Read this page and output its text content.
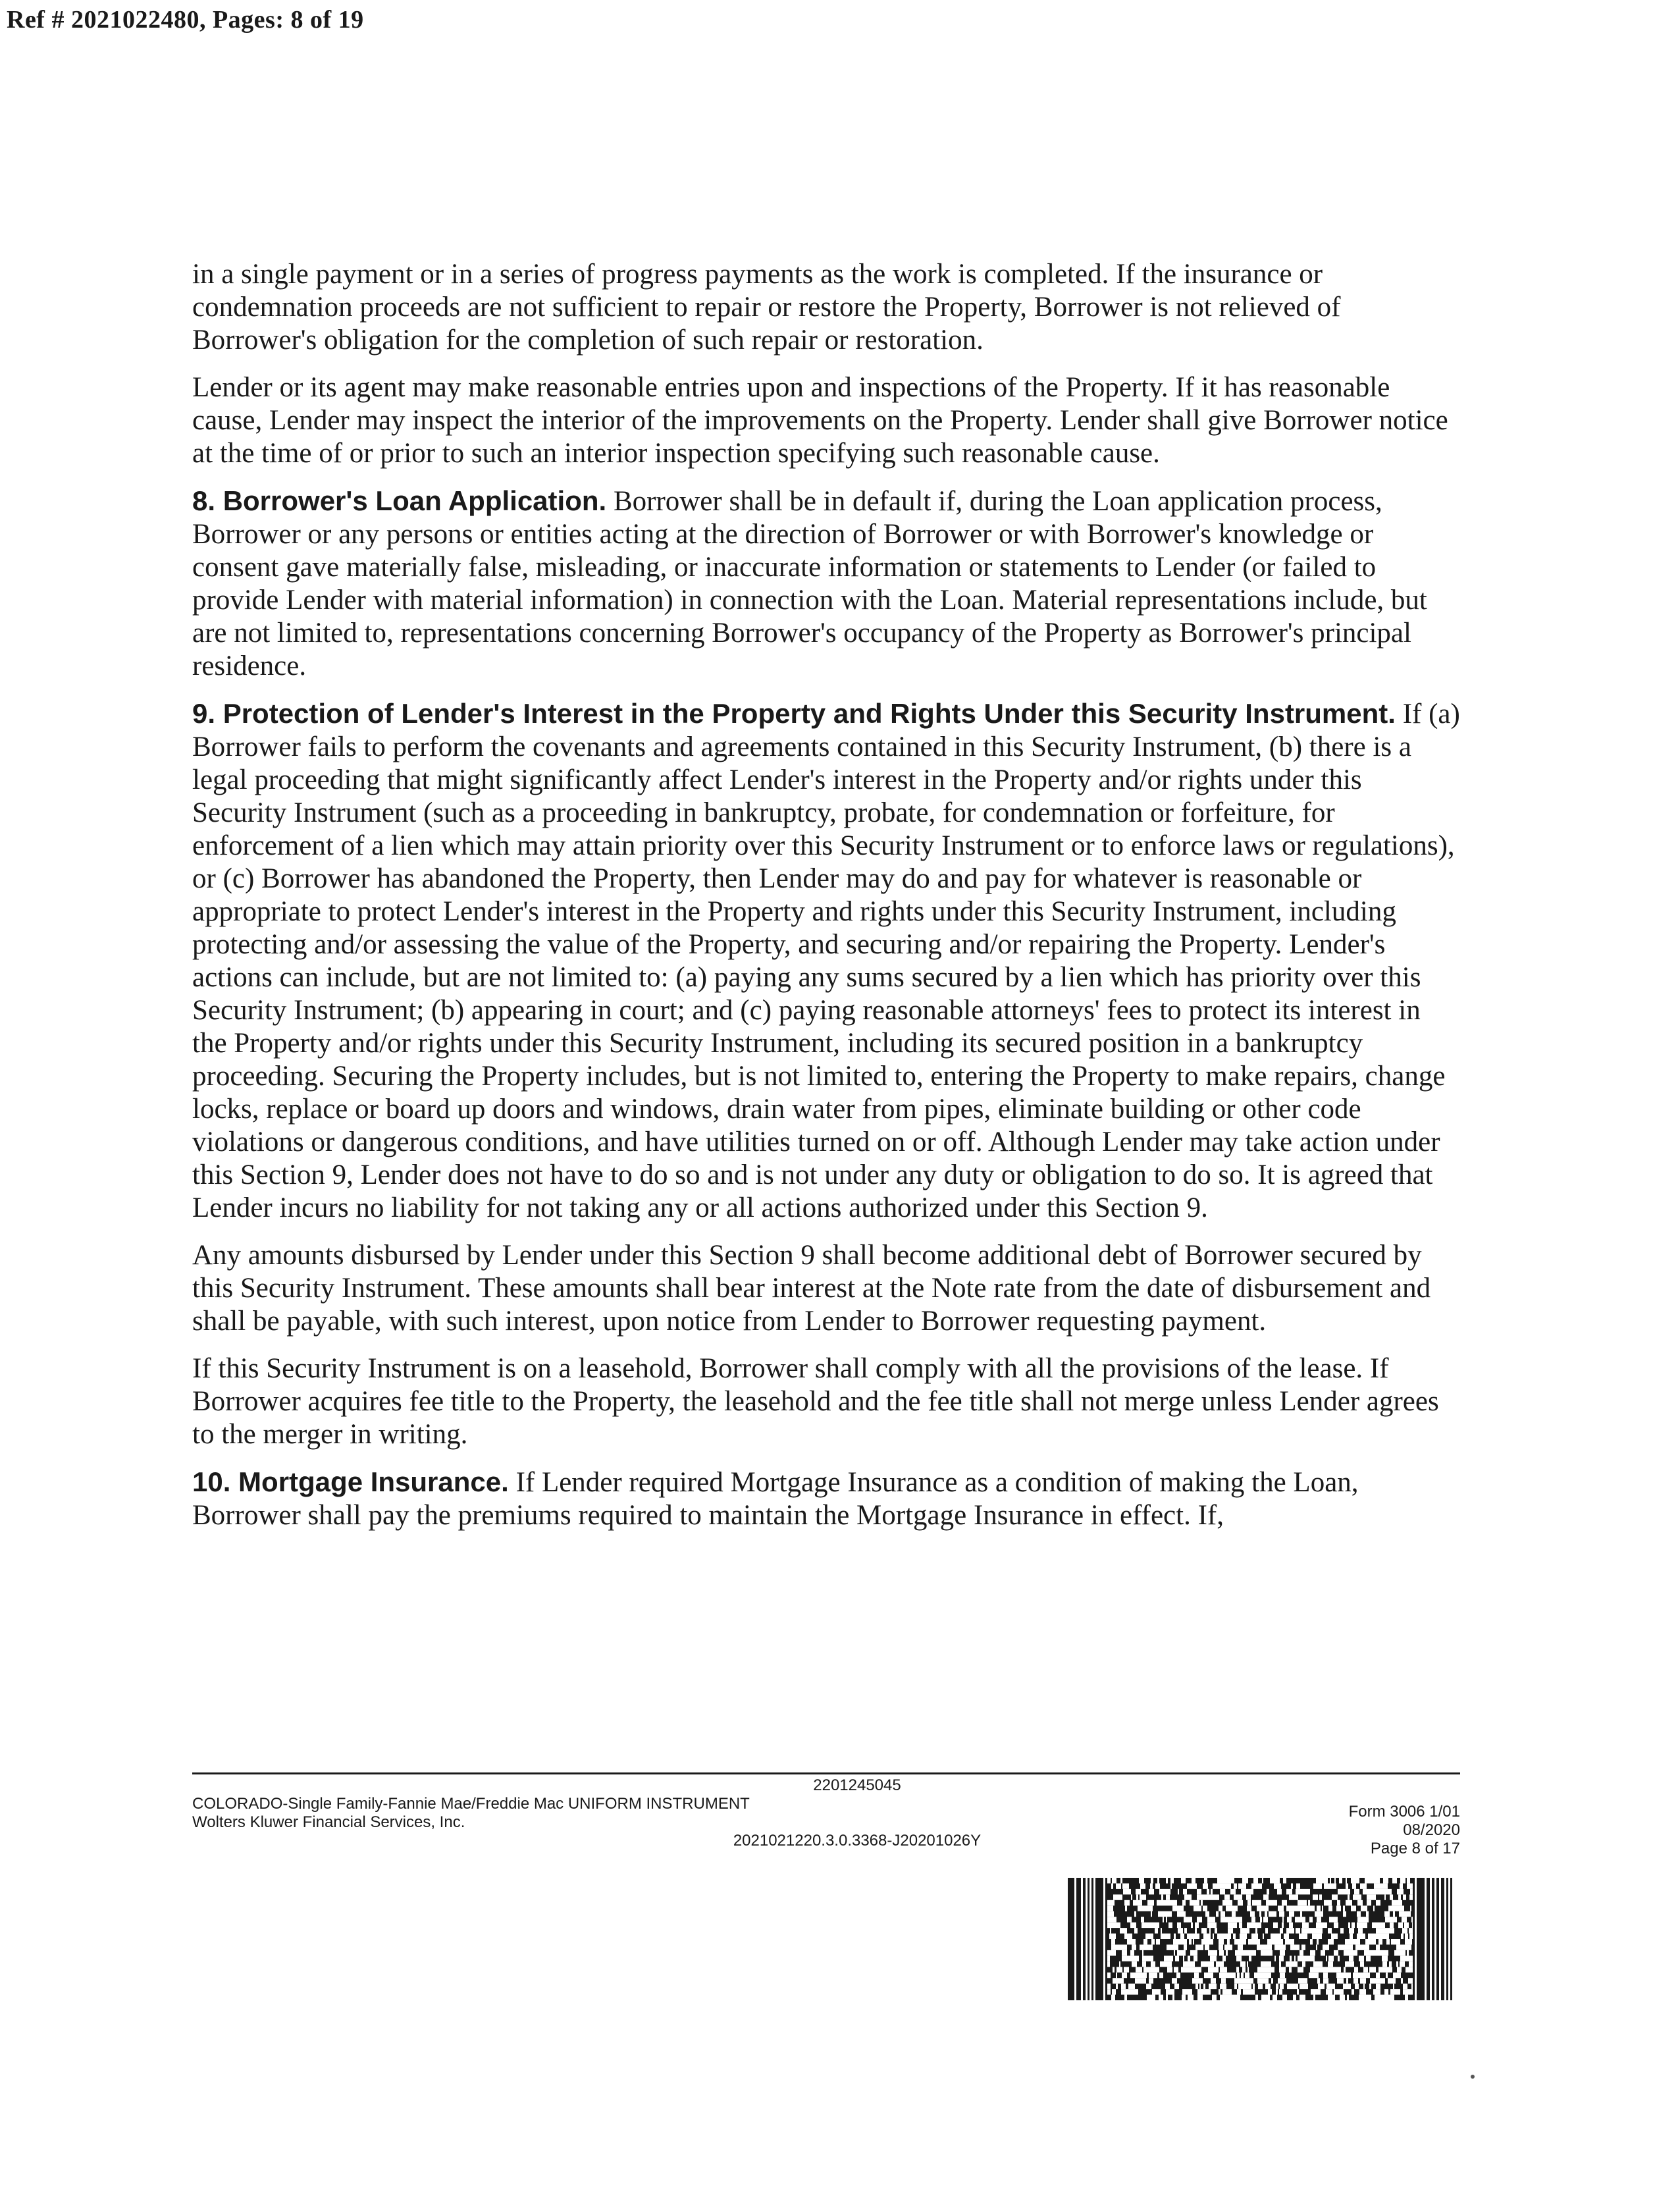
Ref # 2021022480, Pages: 8 of 19

in a single payment or in a series of progress payments as the work is completed. If the insurance or condemnation proceeds are not sufficient to repair or restore the Property, Borrower is not relieved of Borrower's obligation for the completion of such repair or restoration.

Lender or its agent may make reasonable entries upon and inspections of the Property. If it has reasonable cause, Lender may inspect the interior of the improvements on the Property. Lender shall give Borrower notice at the time of or prior to such an interior inspection specifying such reasonable cause.

8. Borrower's Loan Application. Borrower shall be in default if, during the Loan application process, Borrower or any persons or entities acting at the direction of Borrower or with Borrower's knowledge or consent gave materially false, misleading, or inaccurate information or statements to Lender (or failed to provide Lender with material information) in connection with the Loan. Material representations include, but are not limited to, representations concerning Borrower's occupancy of the Property as Borrower's principal residence.

9. Protection of Lender's Interest in the Property and Rights Under this Security Instrument. If (a) Borrower fails to perform the covenants and agreements contained in this Security Instrument, (b) there is a legal proceeding that might significantly affect Lender's interest in the Property and/or rights under this Security Instrument (such as a proceeding in bankruptcy, probate, for condemnation or forfeiture, for enforcement of a lien which may attain priority over this Security Instrument or to enforce laws or regulations), or (c) Borrower has abandoned the Property, then Lender may do and pay for whatever is reasonable or appropriate to protect Lender's interest in the Property and rights under this Security Instrument, including protecting and/or assessing the value of the Property, and securing and/or repairing the Property. Lender's actions can include, but are not limited to: (a) paying any sums secured by a lien which has priority over this Security Instrument; (b) appearing in court; and (c) paying reasonable attorneys' fees to protect its interest in the Property and/or rights under this Security Instrument, including its secured position in a bankruptcy proceeding. Securing the Property includes, but is not limited to, entering the Property to make repairs, change locks, replace or board up doors and windows, drain water from pipes, eliminate building or other code violations or dangerous conditions, and have utilities turned on or off. Although Lender may take action under this Section 9, Lender does not have to do so and is not under any duty or obligation to do so. It is agreed that Lender incurs no liability for not taking any or all actions authorized under this Section 9.

Any amounts disbursed by Lender under this Section 9 shall become additional debt of Borrower secured by this Security Instrument. These amounts shall bear interest at the Note rate from the date of disbursement and shall be payable, with such interest, upon notice from Lender to Borrower requesting payment.

If this Security Instrument is on a leasehold, Borrower shall comply with all the provisions of the lease. If Borrower acquires fee title to the Property, the leasehold and the fee title shall not merge unless Lender agrees to the merger in writing.

10. Mortgage Insurance. If Lender required Mortgage Insurance as a condition of making the Loan, Borrower shall pay the premiums required to maintain the Mortgage Insurance in effect. If,

2201245045
COLORADO-Single Family-Fannie Mae/Freddie Mac UNIFORM INSTRUMENT
Wolters Kluwer Financial Services, Inc.
2021021220.3.0.3368-J20201026Y
Form 3006 1/01
08/2020
Page 8 of 17
